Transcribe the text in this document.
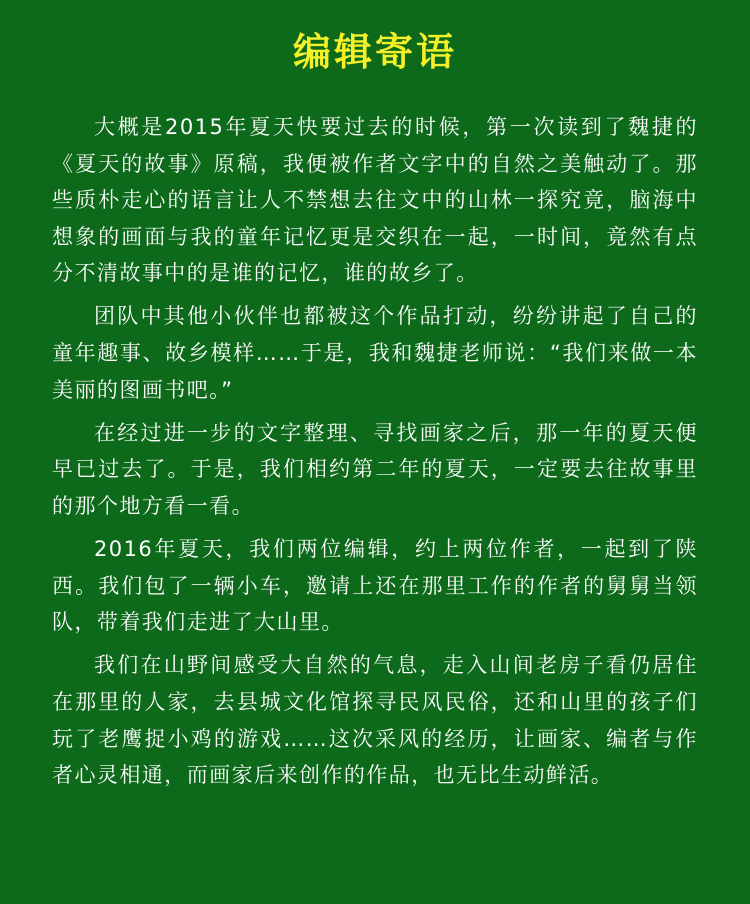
编辑寄语

大概是2015年夏天快要过去的时候，第一次读到了魏捷的《夏天的故事》原稿，我便被作者文字中的自然之美触动了。那些质朴走心的语言让人不禁想去往文中的山林一探究竟，脑海中想象的画面与我的童年记忆更是交织在一起，一时间，竟然有点分不清故事中的是谁的记忆，谁的故乡了。

团队中其他小伙伴也都被这个作品打动，纷纷讲起了自己的童年趣事、故乡模样……于是，我和魏捷老师说：“我们来做一本美丽的图画书吧。”

在经过进一步的文字整理、寻找画家之后，那一年的夏天便早已过去了。于是，我们相约第二年的夏天，一定要去往故事里的那个地方看一看。

2016年夏天，我们两位编辑，约上两位作者，一起到了陕西。我们包了一辆小车，邀请上还在那里工作的作者的舅舅当领队，带着我们走进了大山里。

我们在山野间感受大自然的气息，走入山间老房子看仍居住在那里的人家，去县城文化馆探寻民风民俗，还和山里的孩子们玩了老鹰捉小鸡的游戏……这次采风的经历，让画家、编者与作者心灵相通，而画家后来创作的作品，也无比生动鲜活。
